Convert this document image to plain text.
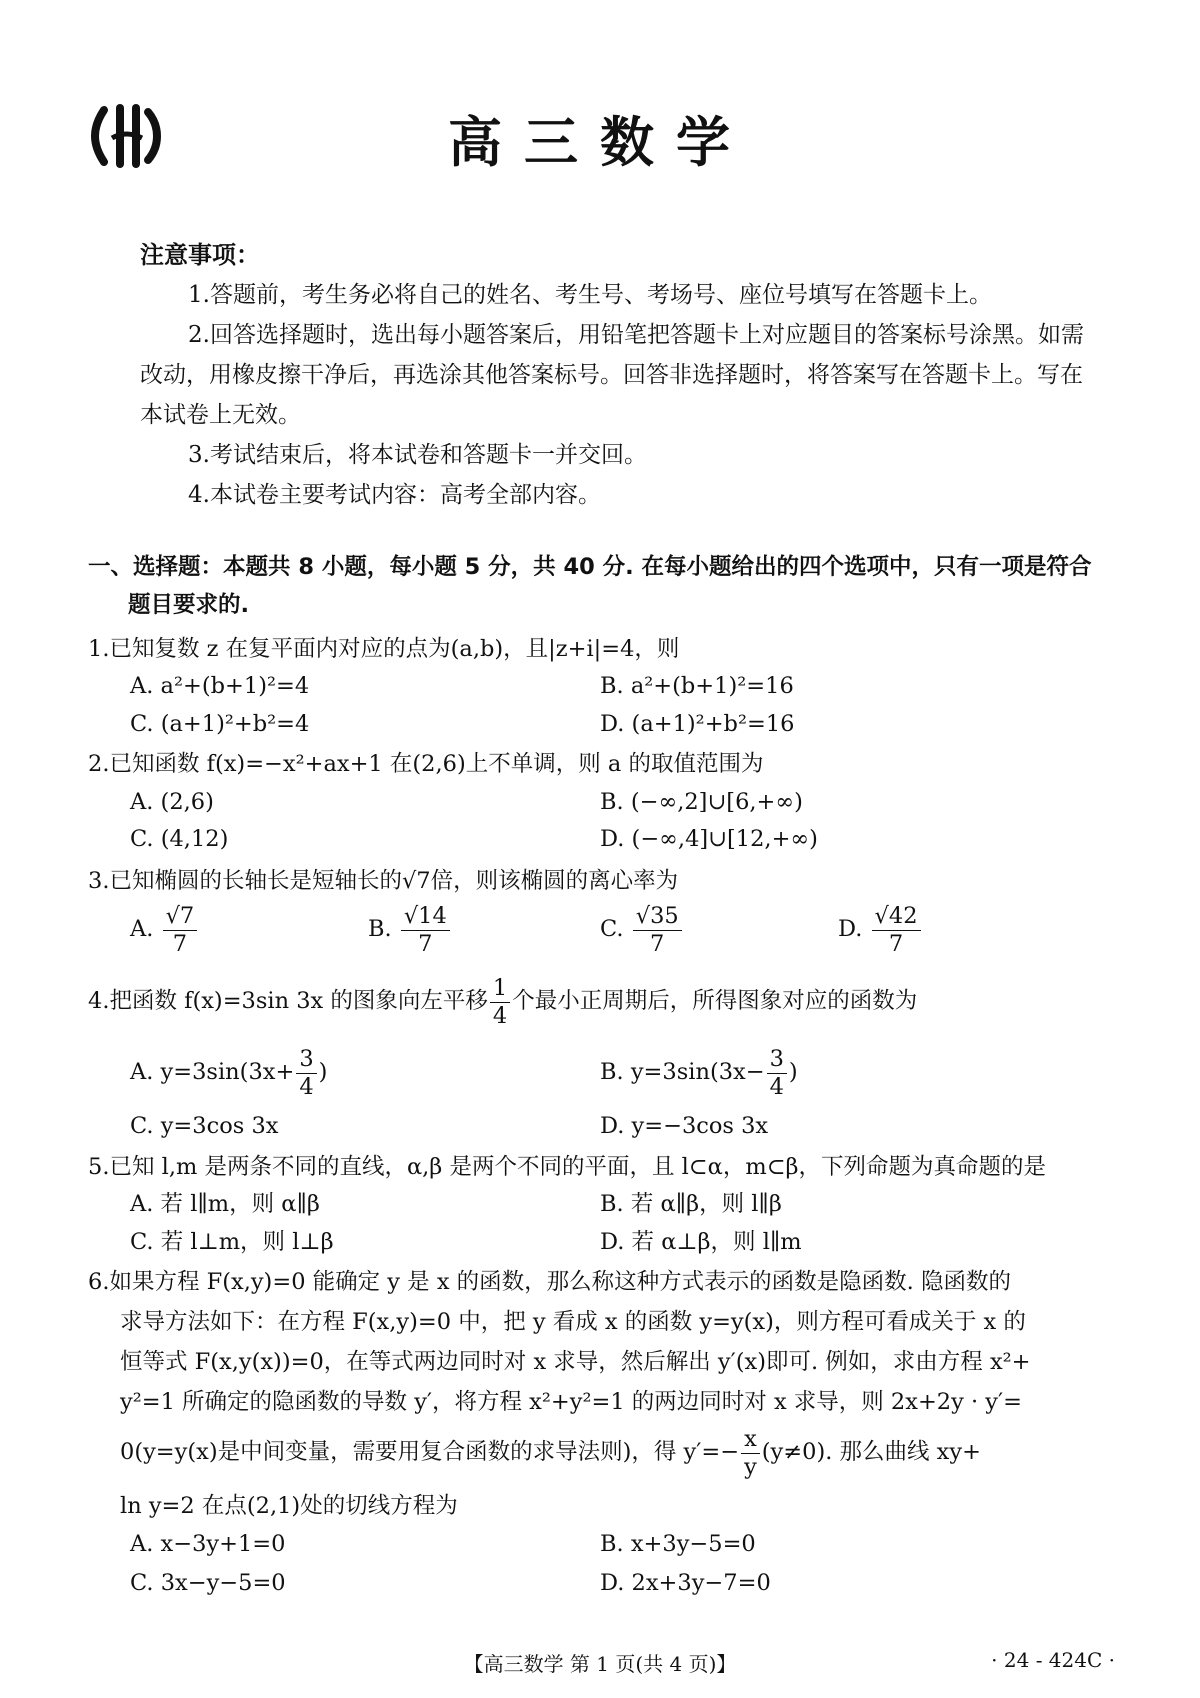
高三数学
注意事项：
1.答题前，考生务必将自己的姓名、考生号、考场号、座位号填写在答题卡上。
2.回答选择题时，选出每小题答案后，用铅笔把答题卡上对应题目的答案标号涂黑。如需改动，用橡皮擦干净后，再选涂其他答案标号。回答非选择题时，将答案写在答题卡上。写在本试卷上无效。
3.考试结束后，将本试卷和答题卡一并交回。
4.本试卷主要考试内容：高考全部内容。
一、选择题：本题共 8 小题，每小题 5 分，共 40 分. 在每小题给出的四个选项中，只有一项是符合
题目要求的.
1.已知复数 z 在复平面内对应的点为(a,b)，且|z+i|=4，则
A. a²+(b+1)²=4	B. a²+(b+1)²=16
C. (a+1)²+b²=4	D. (a+1)²+b²=16
2.已知函数 f(x)=−x²+ax+1 在(2,6)上不单调，则 a 的取值范围为
A. (2,6)	B. (−∞,2]∪[6,+∞)
C. (4,12)	D. (−∞,4]∪[12,+∞)
3.已知椭圆的长轴长是短轴长的√7倍，则该椭圆的离心率为
A. $\frac{√7}{7}$	B. $\frac{√14}{7}$	C. $\frac{√35}{7}$	D. $\frac{√42}{7}$
4.把函数 f(x)=3sin 3x 的图象向左平移 $\frac{1}{4}$ 个最小正周期后，所得图象对应的函数为
A. $y=3\sin(3x+ \frac{3}{4}$ )	B. $y=3\sin(3x- \frac{3}{4}$ )
C. y=3cos 3x	D. y=−3cos 3x
5.已知 l,m 是两条不同的直线，α,β 是两个不同的平面，且 l⊂α，m⊂β，下列命题为真命题的是
A. 若 l∥m，则 α∥β	B. 若 α∥β，则 l∥β
C. 若 l⊥m，则 l⊥β	D. 若 α⊥β，则 l∥m
6.如果方程 F(x,y)=0 能确定 y 是 x 的函数，那么称这种方式表示的函数是隐函数. 隐函数的
求导方法如下：在方程 F(x,y)=0 中，把 y 看成 x 的函数 y=y(x)，则方程可看成关于 x 的
恒等式 F(x,y(x))=0，在等式两边同时对 x 求导，然后解出 y′(x)即可. 例如，求由方程 x²+
y²=1 所确定的隐函数的导数 y′，将方程 x²+y²=1 的两边同时对 x 求导，则 2x+2y · y′=
0(y=y(x)是中间变量，需要用复合函数的求导法则)，得 $y'=- \frac{x}{y} (y\ne 0)$. 那么曲线 xy+
ln y=2 在点(2,1)处的切线方程为
A. x−3y+1=0	B. x+3y−5=0
C. 3x−y−5=0	D. 2x+3y−7=0
【高三数学 第 1 页(共 4 页)】	· 24 - 424C ·
